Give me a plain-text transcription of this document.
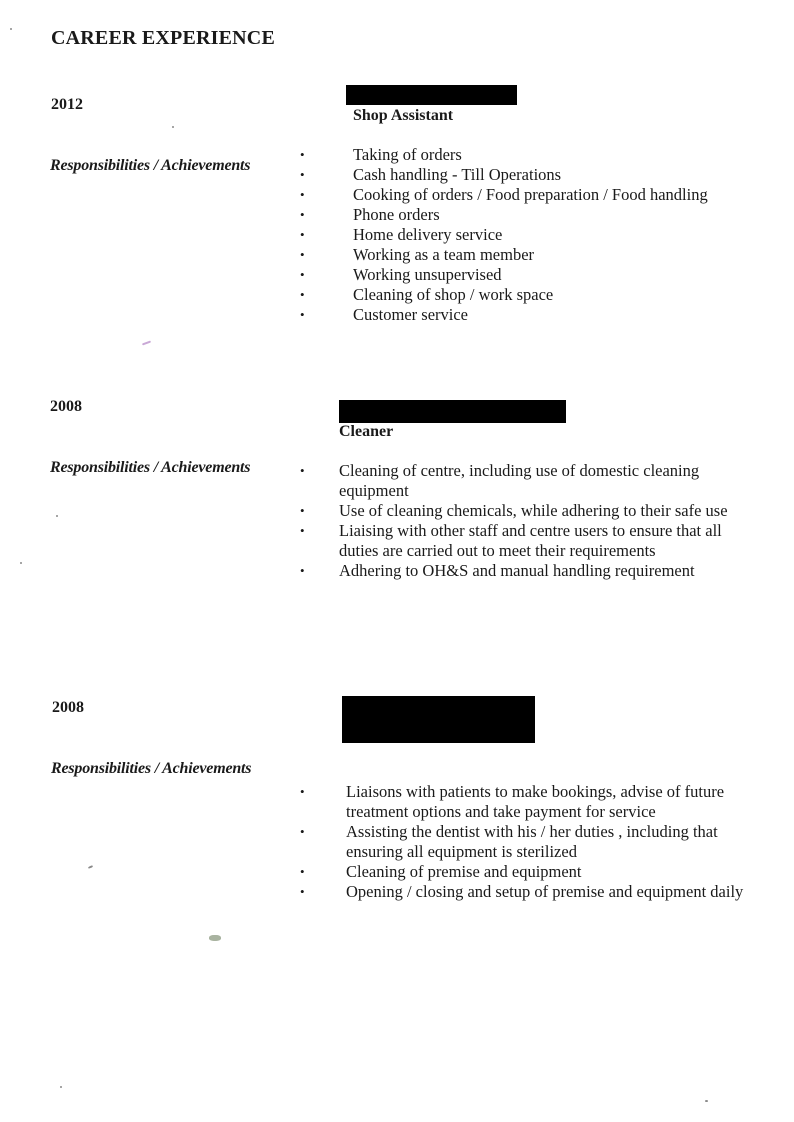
CAREER EXPERIENCE
2012
Shop Assistant
Responsibilities / Achievements
•	Taking of orders
•	Cash handling - Till Operations
•	Cooking of orders / Food preparation / Food handling
•	Phone orders
•	Home delivery service
•	Working as a team member
•	Working unsupervised
•	Cleaning of shop / work space
•	Customer service
2008
Cleaner
Responsibilities / Achievements	• Cleaning of centre, including use of domestic cleaning equipment
• Use of cleaning chemicals, while adhering to their safe use
• Liaising with other staff and centre users to ensure that all duties are carried out to meet their requirements
• Adhering to OH&S and manual handling requirement
2008
Responsibilities / Achievements
•	Liaisons with patients to make bookings, advise of future treatment options and take payment for service
•	Assisting the dentist with his / her duties , including that ensuring all equipment is sterilized
•	Cleaning of premise and equipment
•	Opening / closing and setup of premise and equipment daily
